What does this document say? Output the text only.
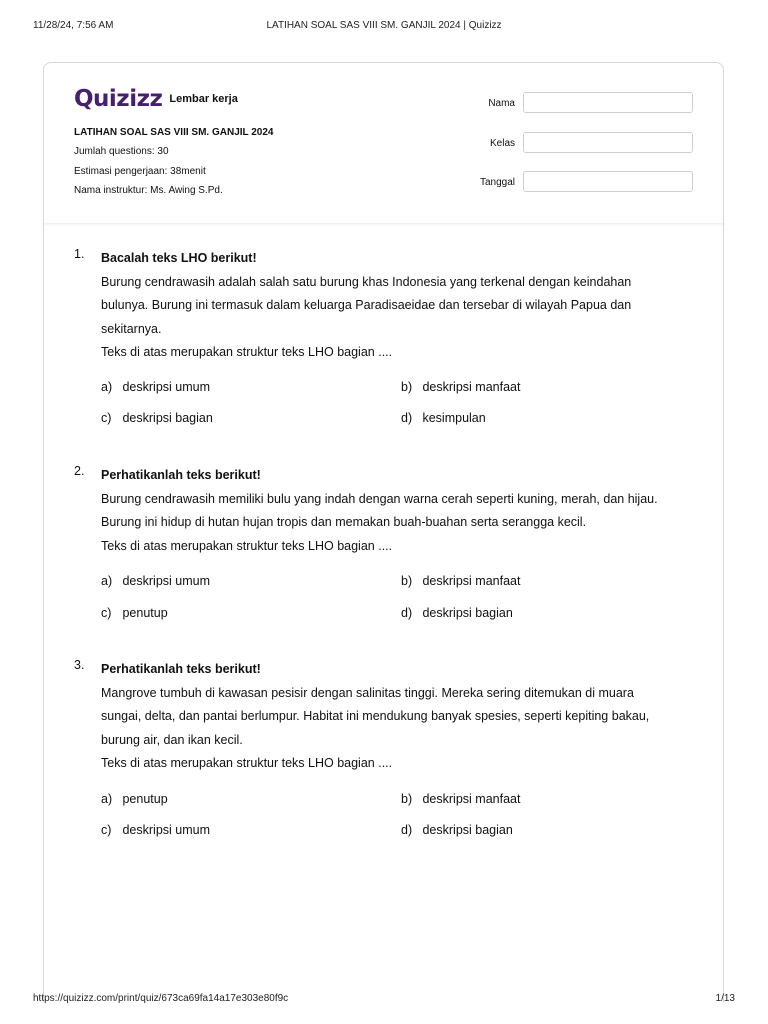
11/28/24, 7:56 AM	LATIHAN SOAL SAS VIII SM. GANJIL 2024 | Quizizz
Quizizz Lembar kerja
LATIHAN SOAL SAS VIII SM. GANJIL 2024
Jumlah questions: 30
Estimasi pengerjaan: 38menit
Nama instruktur: Ms. Awing S.Pd.
Nama
Kelas
Tanggal
1. Bacalah teks LHO berikut!
Burung cendrawasih adalah salah satu burung khas Indonesia yang terkenal dengan keindahan
bulunya. Burung ini termasuk dalam keluarga Paradisaeidae dan tersebar di wilayah Papua dan
sekitarnya.
Teks di atas merupakan struktur teks LHO bagian ....
a) deskripsi umum	b) deskripsi manfaat
c) deskripsi bagian	d) kesimpulan
2. Perhatikanlah teks berikut!
Burung cendrawasih memiliki bulu yang indah dengan warna cerah seperti kuning, merah, dan hijau.
Burung ini hidup di hutan hujan tropis dan memakan buah-buahan serta serangga kecil.
Teks di atas merupakan struktur teks LHO bagian ....
a) deskripsi umum	b) deskripsi manfaat
c) penutup	d) deskripsi bagian
3. Perhatikanlah teks berikut!
Mangrove tumbuh di kawasan pesisir dengan salinitas tinggi. Mereka sering ditemukan di muara
sungai, delta, dan pantai berlumpur. Habitat ini mendukung banyak spesies, seperti kepiting bakau,
burung air, dan ikan kecil.
Teks di atas merupakan struktur teks LHO bagian ....
a) penutup	b) deskripsi manfaat
c) deskripsi umum	d) deskripsi bagian
https://quizizz.com/print/quiz/673ca69fa14a17e303e80f9c	1/13
